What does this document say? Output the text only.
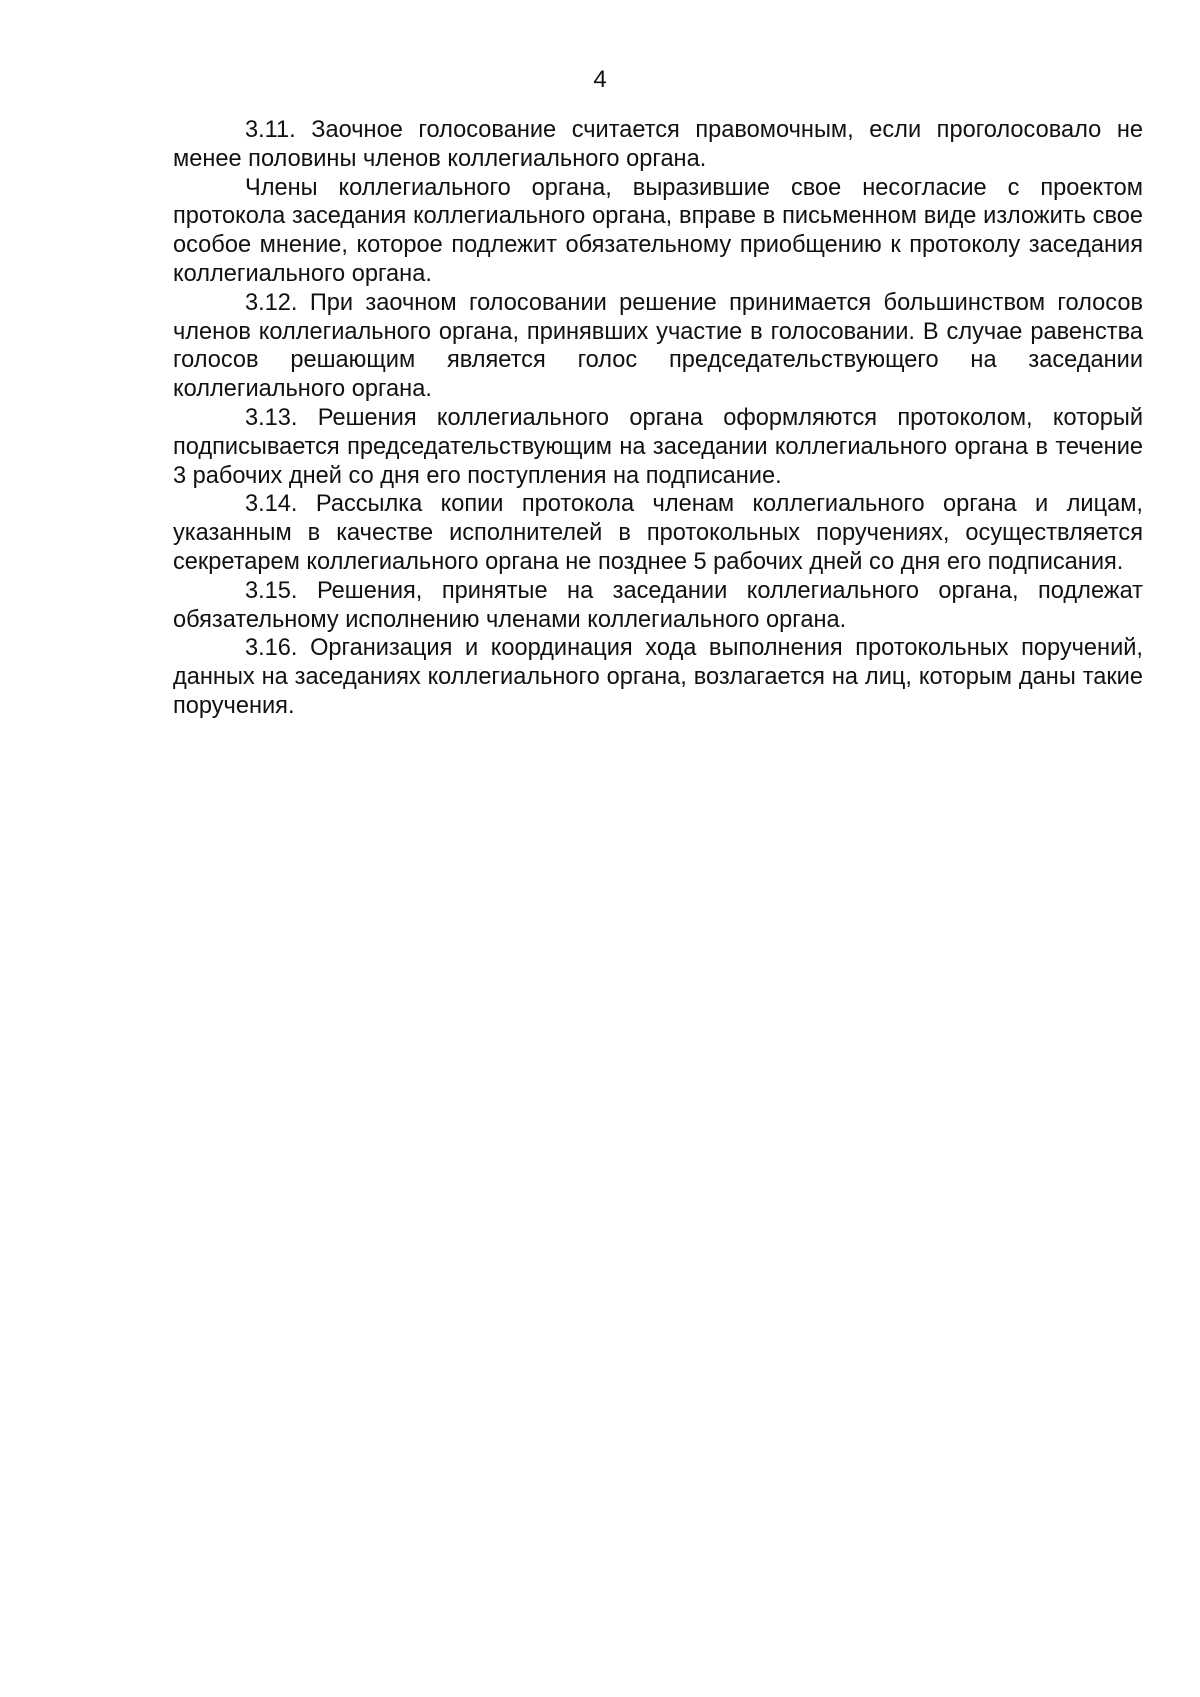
4

3.11. Заочное голосование считается правомочным, если проголосовало не менее половины членов коллегиального органа.

Члены коллегиального органа, выразившие свое несогласие с проектом протокола заседания коллегиального органа, вправе в письменном виде изложить свое особое мнение, которое подлежит обязательному приобщению к протоколу заседания коллегиального органа.

3.12. При заочном голосовании решение принимается большинством голосов членов коллегиального органа, принявших участие в голосовании. В случае равенства голосов решающим является голос председательствующего на заседании коллегиального органа.

3.13. Решения коллегиального органа оформляются протоколом, который подписывается председательствующим на заседании коллегиального органа в течение 3 рабочих дней со дня его поступления на подписание.

3.14. Рассылка копии протокола членам коллегиального органа и лицам, указанным в качестве исполнителей в протокольных поручениях, осуществляется секретарем коллегиального органа не позднее 5 рабочих дней со дня его подписания.

3.15. Решения, принятые на заседании коллегиального органа, подлежат обязательному исполнению членами коллегиального органа.

3.16. Организация и координация хода выполнения протокольных поручений, данных на заседаниях коллегиального органа, возлагается на лиц, которым даны такие поручения.
